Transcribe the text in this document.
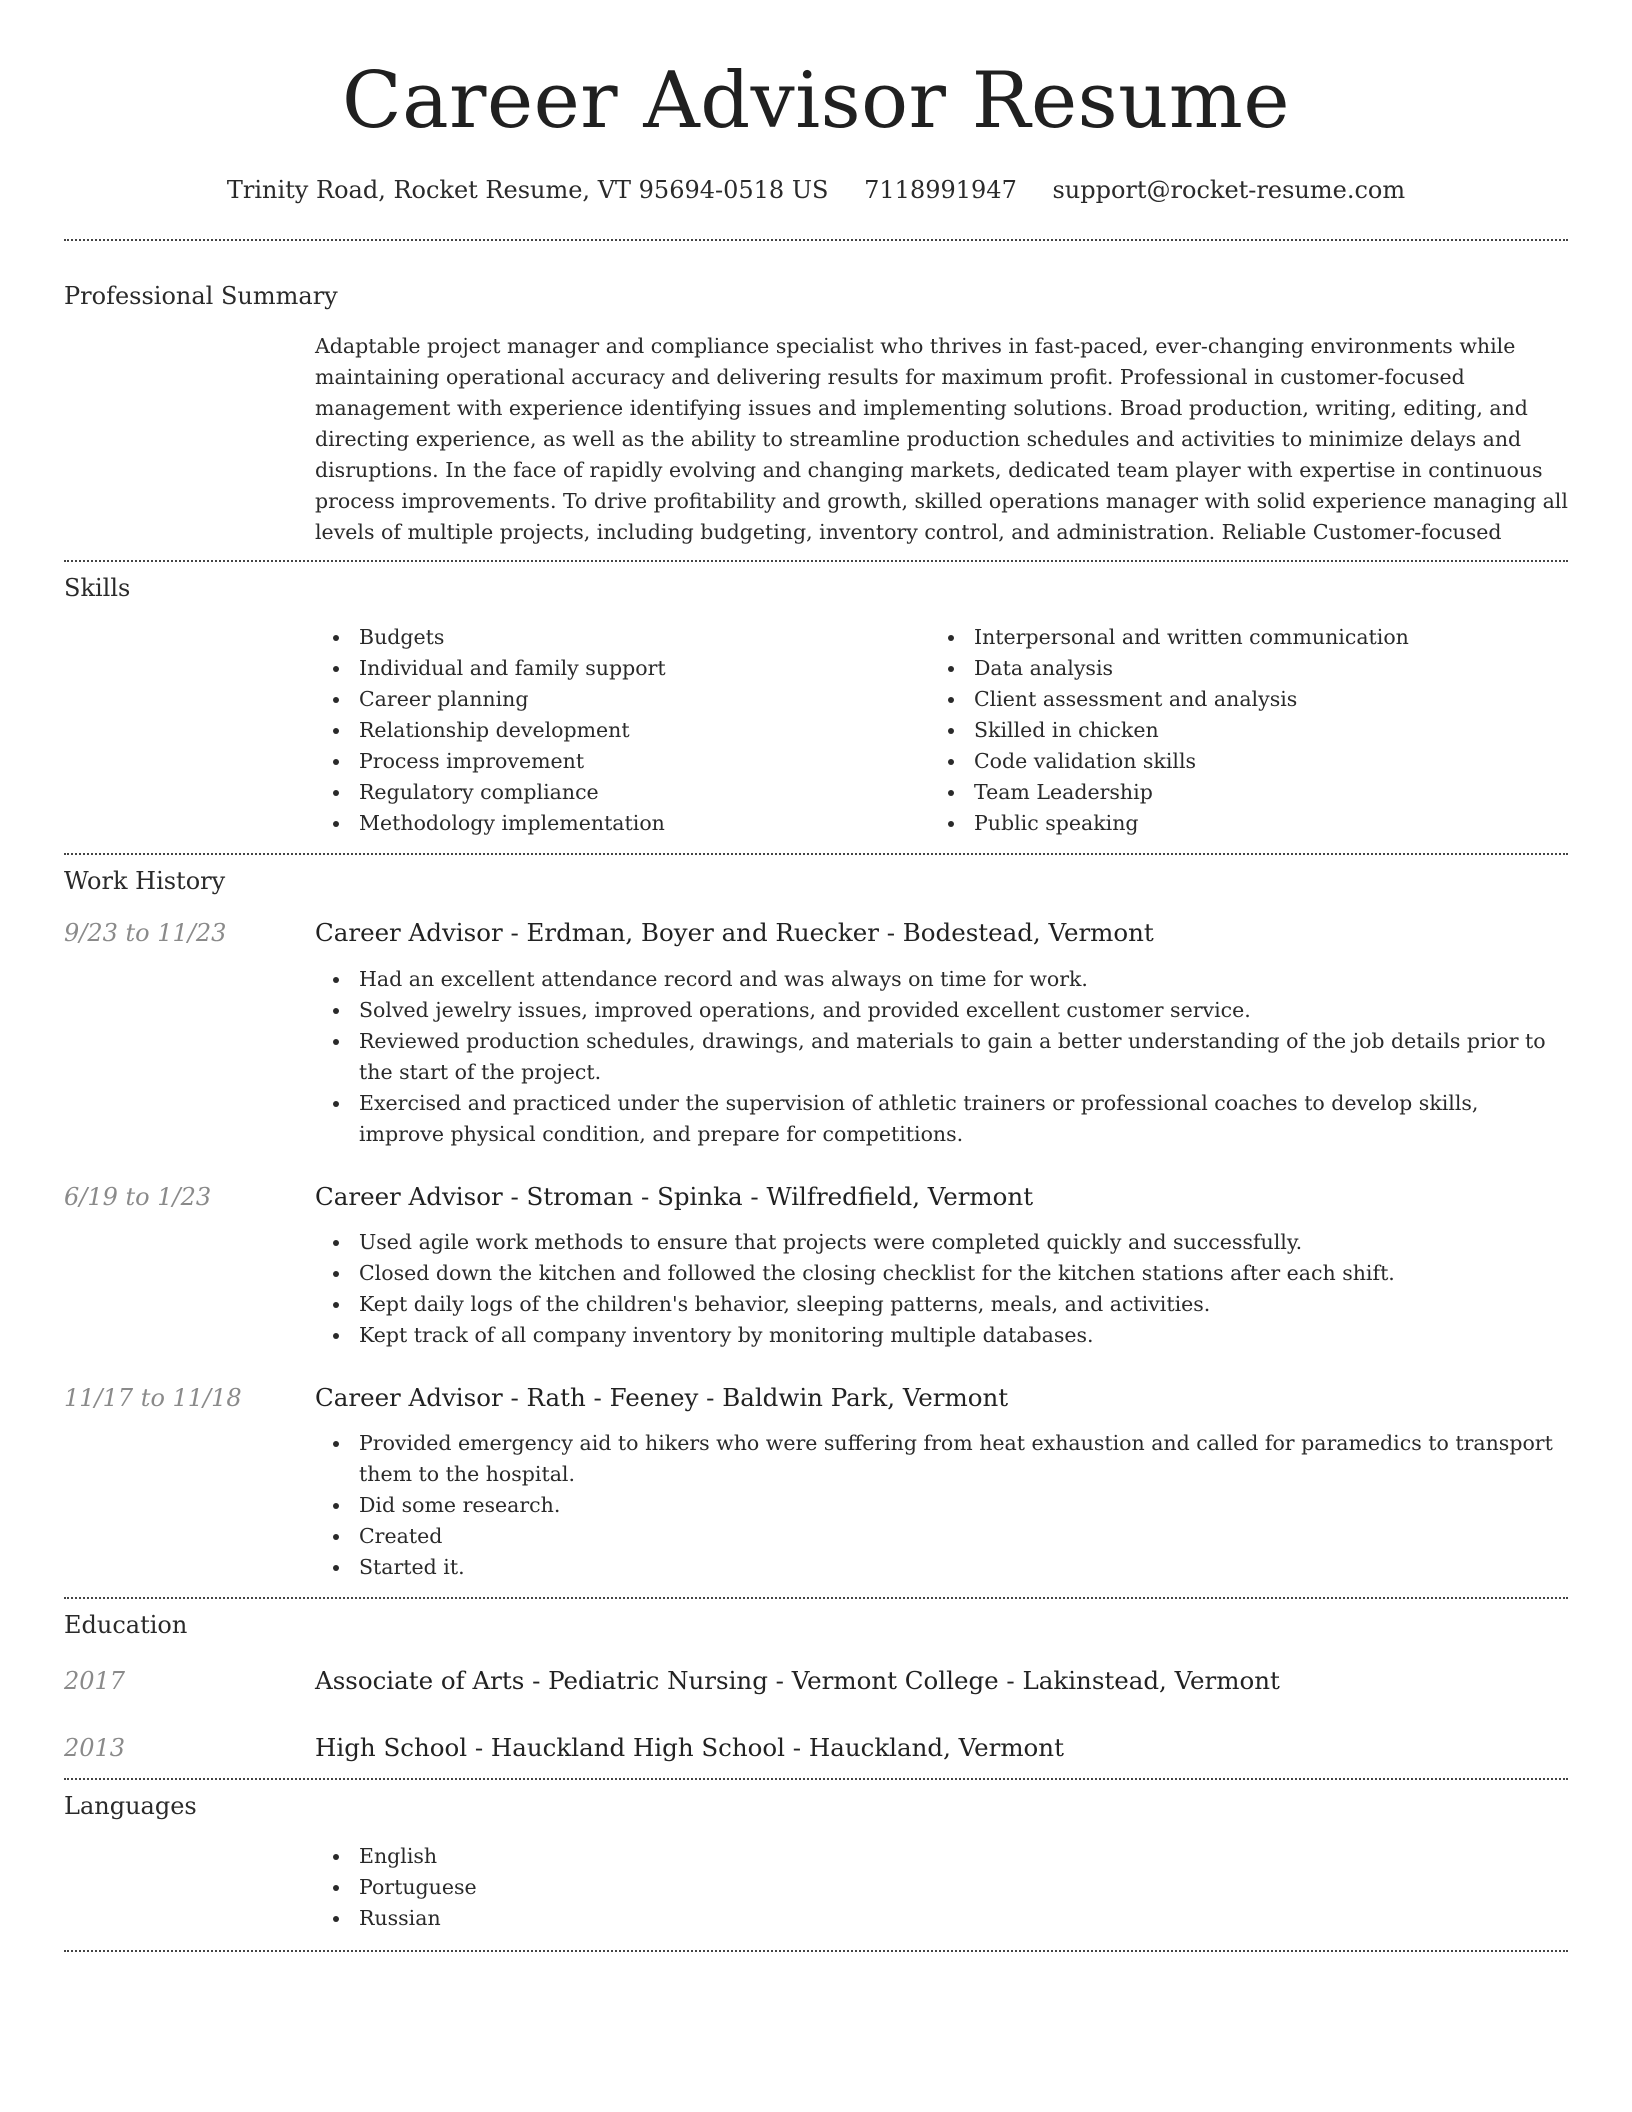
Career Advisor Resume
Trinity Road, Rocket Resume, VT 95694-0518 US 7118991947 support@rocket-resume.com
Professional Summary

Adaptable project manager and compliance specialist who thrives in fast-paced, ever-changing environments while maintaining operational accuracy and delivering results for maximum profit. Professional in customer-focused management with experience identifying issues and implementing solutions. Broad production, writing, editing, and directing experience, as well as the ability to streamline production schedules and activities to minimize delays and disruptions. In the face of rapidly evolving and changing markets, dedicated team player with expertise in continuous process improvements. To drive profitability and growth, skilled operations manager with solid experience managing all levels of multiple projects, including budgeting, inventory control, and administration. Reliable Customer-focused

Skills
Budgets
Individual and family support
Career planning
Relationship development
Process improvement
Regulatory compliance
Methodology implementation
Interpersonal and written communication
Data analysis
Client assessment and analysis
Skilled in chicken
Code validation skills
Team Leadership
Public speaking
Work History
9/23 to 11/23	Career Advisor - Erdman, Boyer and Ruecker - Bodestead, Vermont
Had an excellent attendance record and was always on time for work.
Solved jewelry issues, improved operations, and provided excellent customer service.
Reviewed production schedules, drawings, and materials to gain a better understanding of the job details prior to the start of the project.
Exercised and practiced under the supervision of athletic trainers or professional coaches to develop skills, improve physical condition, and prepare for competitions.
6/19 to 1/23	Career Advisor - Stroman - Spinka - Wilfredfield, Vermont
Used agile work methods to ensure that projects were completed quickly and successfully.
Closed down the kitchen and followed the closing checklist for the kitchen stations after each shift.
Kept daily logs of the children's behavior, sleeping patterns, meals, and activities.
Kept track of all company inventory by monitoring multiple databases.
11/17 to 11/18	Career Advisor - Rath - Feeney - Baldwin Park, Vermont
Provided emergency aid to hikers who were suffering from heat exhaustion and called for paramedics to transport them to the hospital.
Did some research.
Created
Started it.
Education
2017	Associate of Arts - Pediatric Nursing - Vermont College - Lakinstead, Vermont
2013	High School - Hauckland High School - Hauckland, Vermont
Languages
English
Portuguese
Russian
